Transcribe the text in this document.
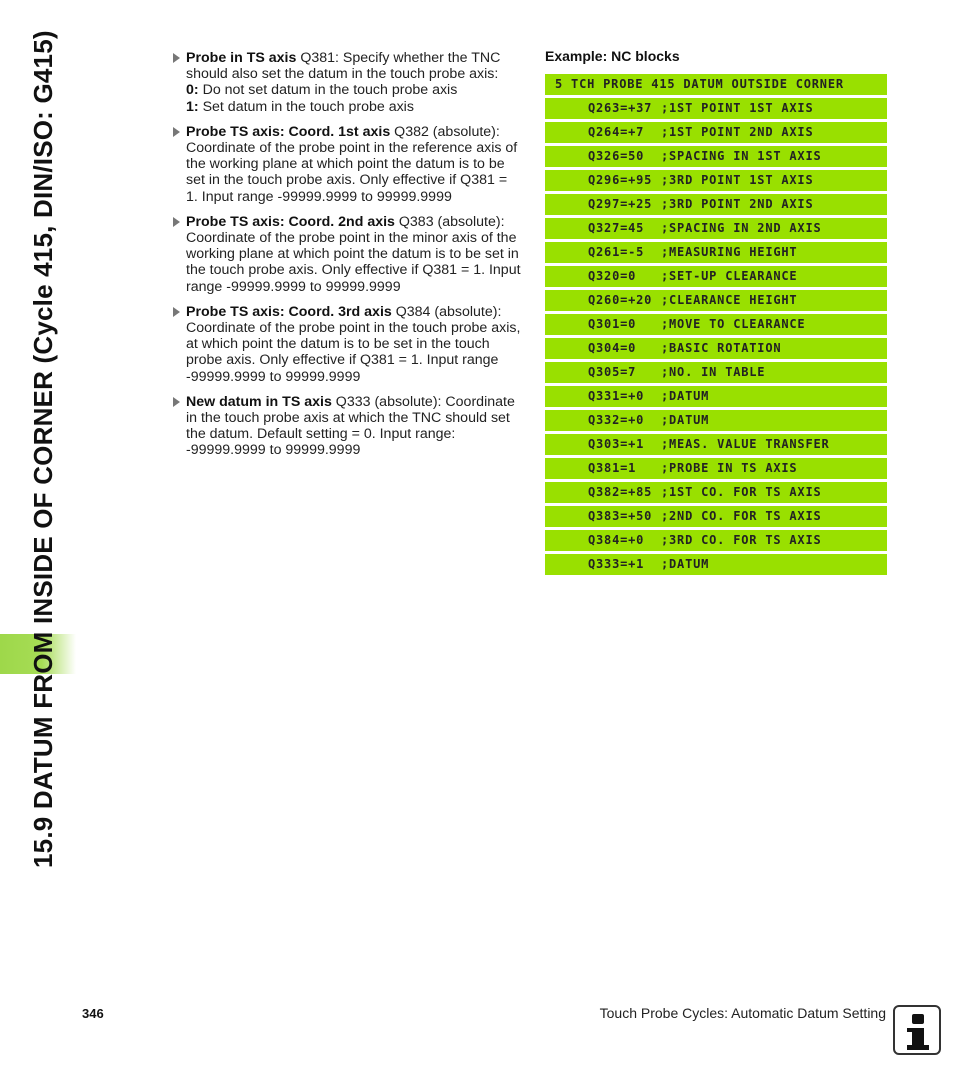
15.9 DATUM FROM INSIDE OF CORNER (Cycle 415, DIN/ISO: G415)	Probe in TS axis Q381: Specify whether the TNC
should also set the datum in the touch probe axis:
0: Do not set datum in the touch probe axis
1: Set datum in the touch probe axis
Probe TS axis: Coord. 1st axis Q382 (absolute):
Coordinate of the probe point in the reference axis of
the working plane at which point the datum is to be
set in the touch probe axis. Only effective if Q381 =
1. Input range -99999.9999 to 99999.9999
Probe TS axis: Coord. 2nd axis Q383 (absolute):
Coordinate of the probe point in the minor axis of the
working plane at which point the datum is to be set in
the touch probe axis. Only effective if Q381 = 1. Input
range -99999.9999 to 99999.9999
Probe TS axis: Coord. 3rd axis Q384 (absolute):
Coordinate of the probe point in the touch probe axis,
at which point the datum is to be set in the touch
probe axis. Only effective if Q381 = 1. Input range
-99999.9999 to 99999.9999
New datum in TS axis Q333 (absolute): Coordinate
in the touch probe axis at which the TNC should set
the datum. Default setting = 0. Input range:
-99999.9999 to 99999.9999
Example: NC blocks
5 TCH PROBE 415 DATUM OUTSIDE CORNER
Q263=+37 ;1ST POINT 1ST AXIS
Q264=+7 ;1ST POINT 2ND AXIS
Q326=50 ;SPACING IN 1ST AXIS
Q296=+95 ;3RD POINT 1ST AXIS
Q297=+25 ;3RD POINT 2ND AXIS
Q327=45 ;SPACING IN 2ND AXIS
Q261=-5 ;MEASURING HEIGHT
Q320=0 ;SET-UP CLEARANCE
Q260=+20 ;CLEARANCE HEIGHT
Q301=0 ;MOVE TO CLEARANCE
Q304=0 ;BASIC ROTATION
Q305=7 ;NO. IN TABLE
Q331=+0 ;DATUM
Q332=+0 ;DATUM
Q303=+1 ;MEAS. VALUE TRANSFER
Q381=1 ;PROBE IN TS AXIS
Q382=+85 ;1ST CO. FOR TS AXIS
Q383=+50 ;2ND CO. FOR TS AXIS
Q384=+0 ;3RD CO. FOR TS AXIS
Q333=+1 ;DATUM
346	Touch Probe Cycles: Automatic Datum Setting
